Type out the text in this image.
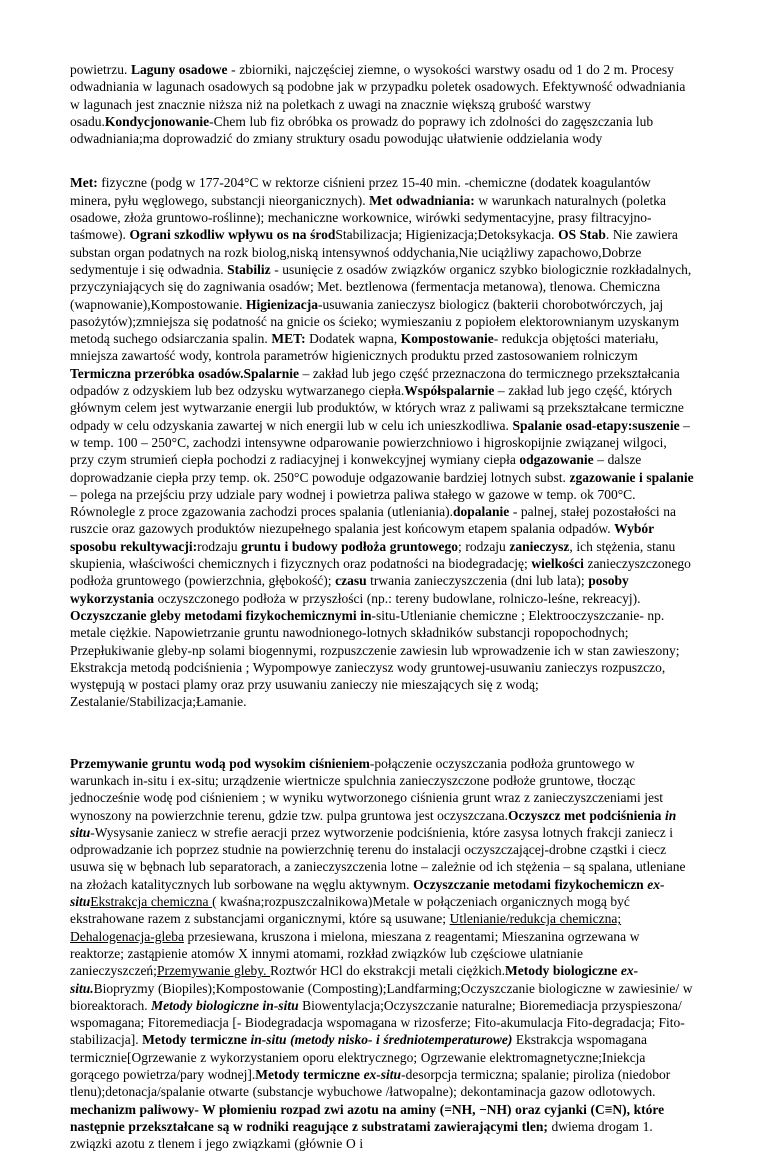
powietrzu. Laguny osadowe - zbiorniki, najczęściej ziemne, o wysokości warstwy osadu od 1 do 2 m. Procesy odwadniania w lagunach osadowych są podobne jak w przypadku poletek osadowych. Efektywność odwadniania w lagunach jest znacznie niższa niż na poletkach z uwagi na znacznie większą grubość warstwy osadu.Kondycjonowanie-Chem lub fiz obróbka os prowadz do poprawy ich zdolności do zagęszczania lub odwadniania;ma doprowadzić do zmiany struktury osadu powodując ułatwienie oddzielania wody

Met: fizyczne (podg w 177-204°C w rektorze ciśnieni przez 15-40 min. -chemiczne (dodatek koagulantów minera, pyłu węglowego, substancji nieorganicznych). Met odwadniania: w warunkach naturalnych (poletka osadowe, złoża gruntowo-roślinne); mechaniczne workownice, wirówki sedymentacyjne, prasy filtracyjno-taśmowe). Ograni szkodliw wpływu os na środStabilizacja; Higienizacja;Detoksykacja. OS Stab. Nie zawiera substan organ podatnych na rozk biolog,niską intensywnoś oddychania,Nie uciążliwy zapachowo,Dobrze sedymentuje i się odwadnia. Stabiliz - usunięcie z osadów związków organicz szybko biologicznie rozkładalnych, przyczyniających się do zagniwania osadów; Met. beztlenowa (fermentacja metanowa), tlenowa. Chemiczna (wapnowanie),Kompostowanie. Higienizacja-usuwania zanieczysz biologicz (bakterii chorobotwórczych, jaj pasożytów);zmniejsza się podatność na gnicie os ścieko; wymieszaniu z popiołem elektorownianym uzyskanym metodą suchego odsiarczania spalin. MET: Dodatek wapna, Kompostowanie- redukcja objętości materiału, mniejsza zawartość wody, kontrola parametrów higienicznych produktu przed zastosowaniem rolniczym Termiczna przeróbka osadów.Spalarnie – zakład lub jego część przeznaczona do termicznego przekształcania odpadów z odzyskiem lub bez odzysku wytwarzanego ciepła.Współspalarnie – zakład lub jego część, których głównym celem jest wytwarzanie energii lub produktów, w których wraz z paliwami są przekształcane termiczne odpady w celu odzyskania zawartej w nich energii lub w celu ich unieszkodliwa. Spalanie osad-etapy:suszenie – w temp. 100 – 250°C, zachodzi intensywne odparowanie powierzchniowo i higroskopijnie związanej wilgoci, przy czym strumień ciepła pochodzi z radiacyjnej i konwekcyjnej wymiany ciepła odgazowanie – dalsze doprowadzanie ciepła przy temp. ok. 250°C powoduje odgazowanie bardziej lotnych subst. zgazowanie i spalanie – polega na przejściu przy udziale pary wodnej i powietrza paliwa stałego w gazowe w temp. ok 700°C. Równolegle z proce zgazowania zachodzi proces spalania (utleniania).dopalanie - palnej, stałej pozostałości na ruszcie oraz gazowych produktów niezupełnego spalania jest końcowym etapem spalania odpadów. Wybór sposobu rekultywacji:rodzaju gruntu i budowy podłoża gruntowego; rodzaju zanieczysz, ich stężenia, stanu skupienia, właściwości chemicznych i fizycznych oraz podatności na biodegradację; wielkości zanieczyszczonego podłoża gruntowego (powierzchnia, głębokość); czasu trwania zanieczyszczenia (dni lub lata); posoby wykorzystania oczyszczonego podłoża w przyszłości (np.: tereny budowlane, rolniczo-leśne, rekreacyj). Oczyszczanie gleby metodami fizykochemicznymi in-situ-Utlenianie chemiczne ; Elektrooczyszczanie- np. metale ciężkie. Napowietrzanie gruntu nawodnionego-lotnych składników substancji ropopochodnych; Przepłukiwanie gleby-np solami biogennymi, rozpuszczenie zawiesin lub wprowadzenie ich w stan zawieszony; Ekstrakcja metodą podciśnienia ; Wypompowye zanieczysz wody gruntowej-usuwaniu zanieczys rozpuszczo, występują w postaci plamy oraz przy usuwaniu zanieczy nie mieszających się z wodą; Zestalanie/Stabilizacja;Łamanie.

Przemywanie gruntu wodą pod wysokim ciśnieniem-połączenie oczyszczania podłoża gruntowego w warunkach in-situ i ex-situ; urządzenie wiertnicze spulchnia zanieczyszczone podłoże gruntowe, tłocząc jednocześnie wodę pod ciśnieniem ; w wyniku wytworzonego ciśnienia grunt wraz z zanieczyszczeniami jest wynoszony na powierzchnie terenu, gdzie tzw. pulpa gruntowa jest oczyszczana.Oczyszcz met podciśnienia in situ-Wysysanie zaniecz w strefie aeracji przez wytworzenie podciśnienia, które zasysa lotnych frakcji zaniecz i odprowadzanie ich poprzez studnie na powierzchnię terenu do instalacji oczyszczającej-drobne cząstki i ciecz usuwa się w bębnach lub separatorach, a zanieczyszczenia lotne – zależnie od ich stężenia – są spalana, utleniane na złożach katalitycznych lub sorbowane na węglu aktywnym. Oczyszczanie metodami fizykochemiczn ex-situEkstrakcja chemiczna ( kwaśna;rozpuszczalnikowa)Metale w połączeniach organicznych mogą być ekstrahowane razem z substancjami organicznymi, które są usuwane; Utlenianie/redukcja chemiczna; Dehalogenacja-gleba przesiewana, kruszona i mielona, mieszana z reagentami; Mieszanina ogrzewana w reaktorze; zastąpienie atomów X innymi atomami, rozkład związków lub częściowe ulatnianie zanieczyszczeń;Przemywanie gleby. Roztwór HCl do ekstrakcji metali ciężkich.Metody biologiczne ex-situ.Biopryzmy (Biopiles);Kompostowanie (Composting);Landfarming;Oczyszczanie biologiczne w zawiesinie/ w bioreaktorach. Metody biologiczne in-situ Biowentylacja;Oczyszczanie naturalne; Bioremediacja przyspieszona/ wspomagana; Fitoremediacja [- Biodegradacja wspomagana w rizosferze; Fito-akumulacja Fito-degradacja; Fito- stabilizacja]. Metody termiczne in-situ (metody nisko- i średniotemperaturowe) Ekstrakcja wspomagana termicznie[Ogrzewanie z wykorzystaniem oporu elektrycznego; Ogrzewanie elektromagnetyczne;Iniekcja gorącego powietrza/pary wodnej].Metody termiczne ex-situ-desorpcja termiczna; spalanie; piroliza (niedobor tlenu);detonacja/spalanie otwarte (substancje wybuchowe /łatwopalne); dekontaminacja gazow odlotowych. mechanizm paliwowy- W płomieniu rozpad zwi azotu na aminy (=NH, −NH) oraz cyjanki (C≡N), które następnie przekształcane są w rodniki reagujące z substratami zawierającymi tlen; dwiema drogam 1. związki azotu z tlenem i jego związkami (głównie O i
